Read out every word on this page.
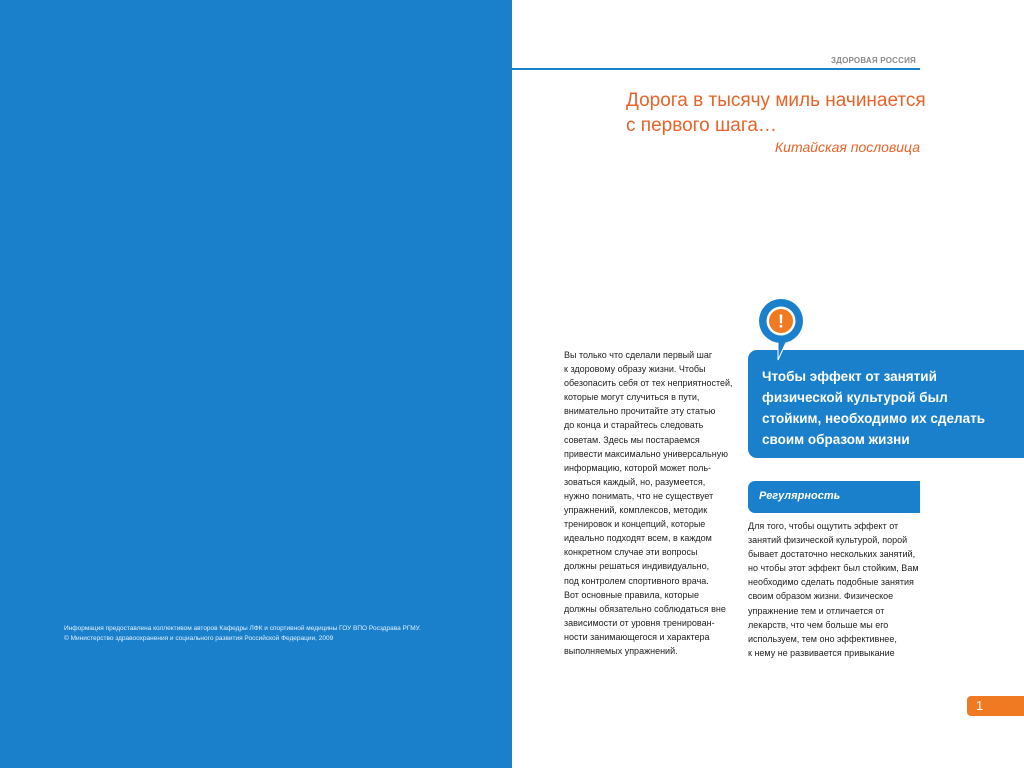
Информация предоставлена коллективом авторов Кафедры ЛФК и спортивной медицины ГОУ ВПО Росздрава РГМУ.
© Министерство здравоохранения и социального развития Российской Федерации, 2009
ЗДОРОВАЯ РОССИЯ
Дорога в тысячу миль начинается
с первого шага…
Китайская пословица
Вы только что сделали первый шаг
к здоровому образу жизни. Чтобы
обезопасить себя от тех неприятностей,
которые могут случиться в пути,
внимательно прочитайте эту статью
до конца и старайтесь следовать
советам. Здесь мы постараемся
привести максимально универсальную
информацию, которой может поль-
зоваться каждый, но, разумеется,
нужно понимать, что не существует
упражнений, комплексов, методик
тренировок и концепций, которые
идеально подходят всем, в каждом
конкретном случае эти вопросы
должны решаться индивидуально,
под контролем спортивного врача.
Вот основные правила, которые
должны обязательно соблюдаться вне
зависимости от уровня тренирован-
ности занимающегося и характера
выполняемых упражнений.
Чтобы эффект от занятий
физической культурой был
стойким, необходимо их сделать
своим образом жизни
!
Регулярность
Для того, чтобы ощутить эффект от
занятий физической культурой, порой
бывает достаточно нескольких занятий,
но чтобы этот эффект был стойким, Вам
необходимо сделать подобные занятия
своим образом жизни. Физическое
упражнение тем и отличается от
лекарств, что чем больше мы его
используем, тем оно эффективнее,
к нему не развивается привыкание
1
